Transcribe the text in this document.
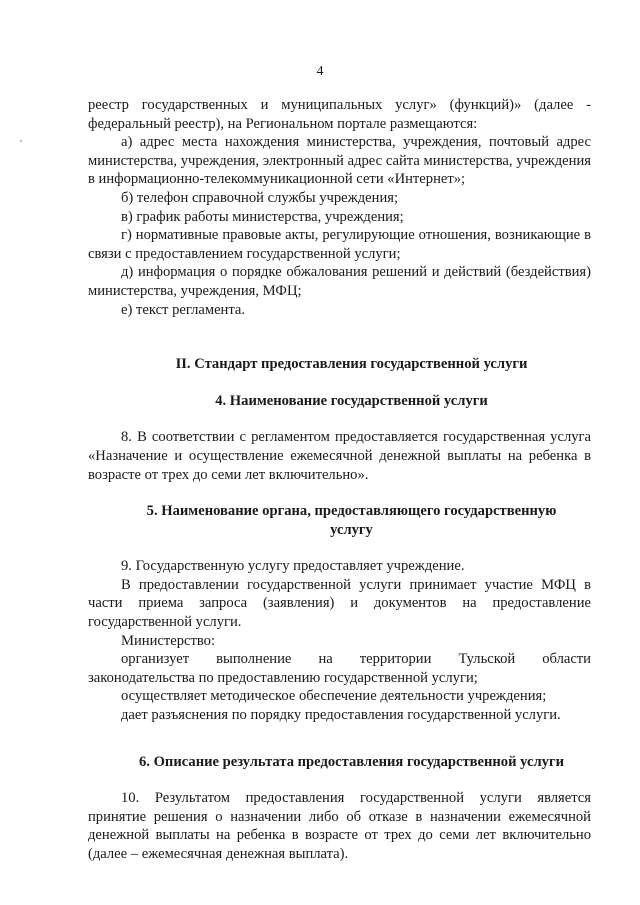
4

реестр государственных и муниципальных услуг» (функций)» (далее -

федеральный реестр), на Региональном портале размещаются:

а) адрес места нахождения министерства, учреждения, почтовый адрес министерства, учреждения, электронный адрес сайта министерства, учреждения в информационно-телекоммуникационной сети «Интернет»;

б) телефон справочной службы учреждения;

в) график работы министерства, учреждения;

г) нормативные правовые акты, регулирующие отношения, возникающие в связи с предоставлением государственной услуги;

д) информация о порядке обжалования решений и действий (бездействия) министерства, учреждения, МФЦ;

е) текст регламента.

II. Стандарт предоставления государственной услуги
4. Наименование государственной услуги

8. В соответствии с регламентом предоставляется государственная услуга «Назначение и осуществление ежемесячной денежной выплаты на ребенка в возрасте от трех до семи лет включительно».

5. Наименование органа, предоставляющего государственную
услугу

9. Государственную услугу предоставляет учреждение.

В предоставлении государственной услуги принимает участие МФЦ в части приема запроса (заявления) и документов на предоставление государственной услуги.

Министерство:

организует выполнение на территории Тульской области

законодательства по предоставлению государственной услуги;

осуществляет методическое обеспечение деятельности учреждения;

дает разъяснения по порядку предоставления государственной услуги.

6. Описание результата предоставления государственной услуги

10. Результатом предоставления государственной услуги является принятие решения о назначении либо об отказе в назначении ежемесячной денежной выплаты на ребенка в возрасте от трех до семи лет включительно (далее – ежемесячная денежная выплата).
